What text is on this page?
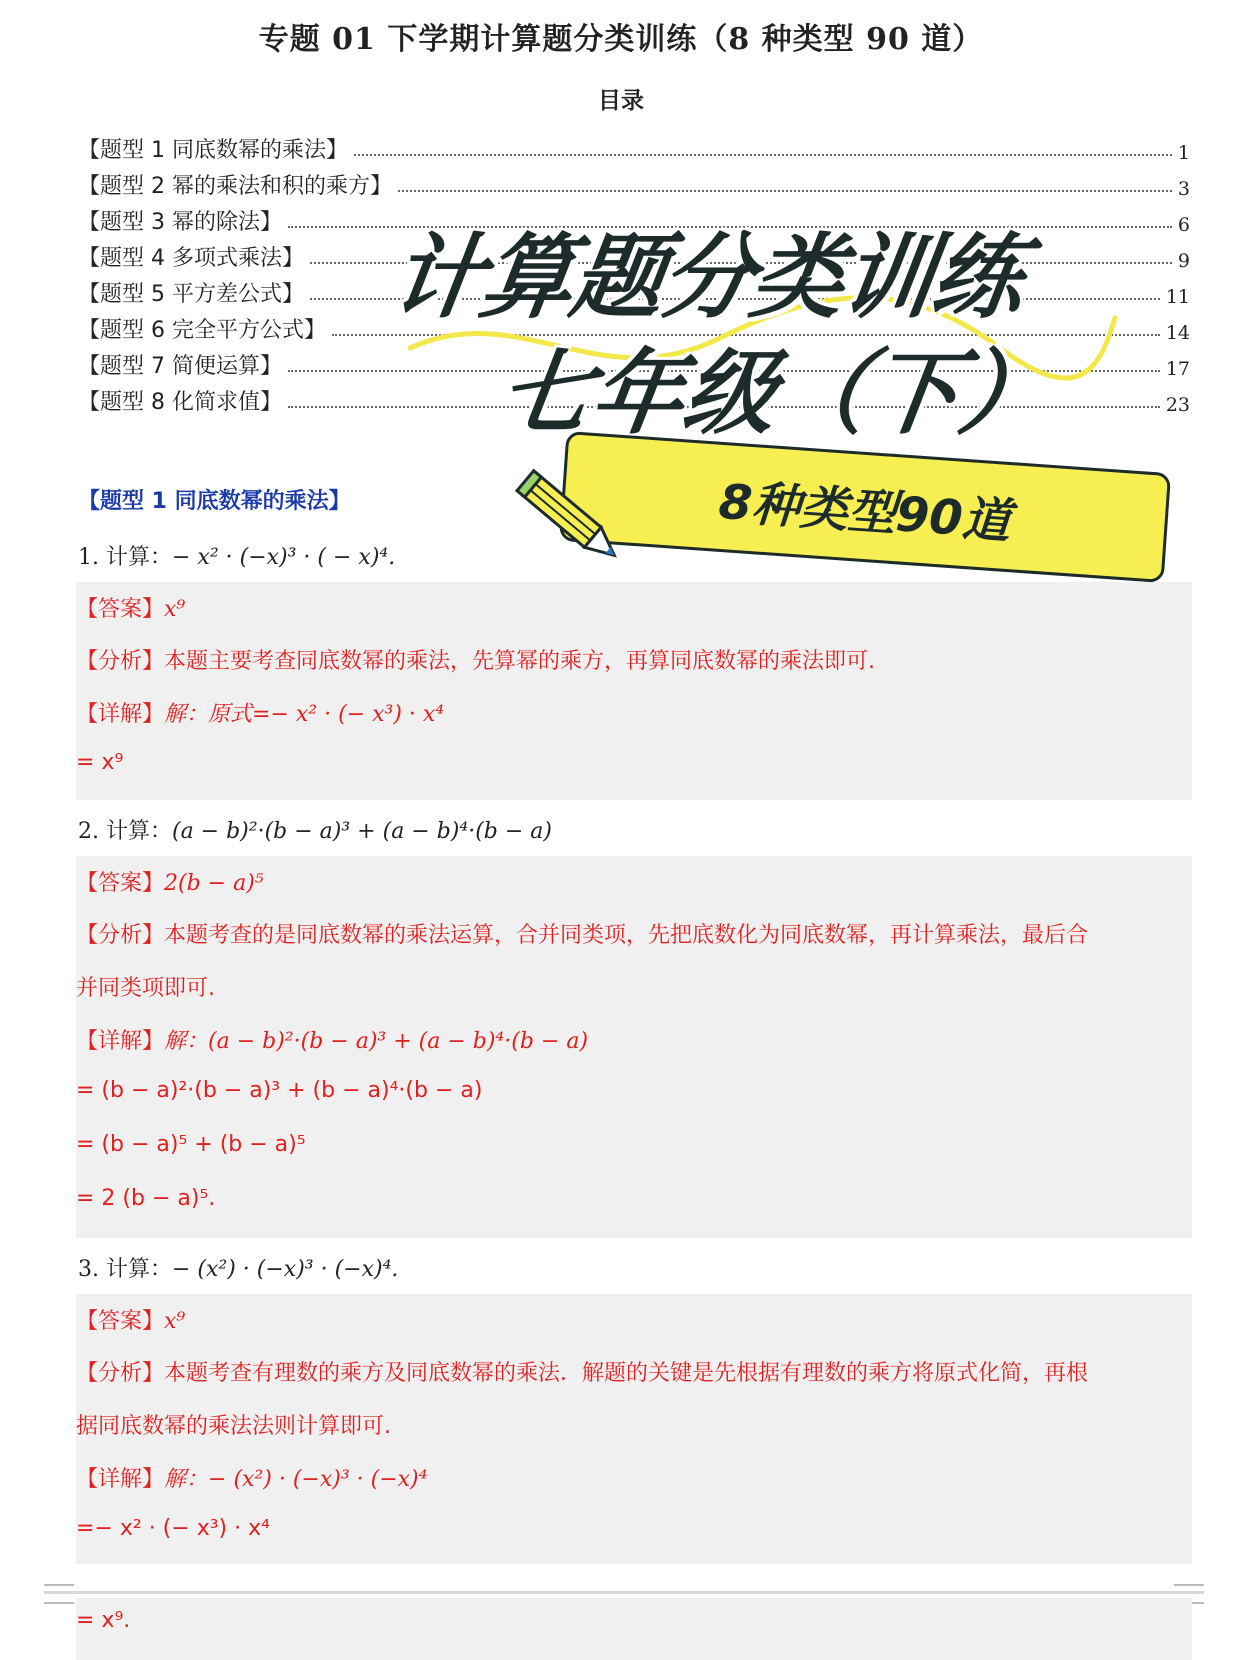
专题 01 下学期计算题分类训练（8 种类型 90 道）
目录
【题型 1 同底数幂的乘法】	1
【题型 2 幂的乘法和积的乘方】	3
【题型 3 幂的除法】	6
【题型 4 多项式乘法】	9
【题型 5 平方差公式】	11
【题型 6 完全平方公式】	14
【题型 7 简便运算】	17
【题型 8 化简求值】	23
【题型 1 同底数幂的乘法】
1. 计算：− x² · (−x)³ · ( − x)⁴.
【答案】x⁹
【分析】本题主要考查同底数幂的乘法，先算幂的乘方，再算同底数幂的乘法即可.
【详解】解：原式=− x² · (− x³) · x⁴
= x⁹
2. 计算：(a − b)²·(b − a)³ + (a − b)⁴·(b − a)
【答案】2(b − a)⁵
【分析】本题考查的是同底数幂的乘法运算，合并同类项，先把底数化为同底数幂，再计算乘法，最后合
并同类项即可.
【详解】解：(a − b)²·(b − a)³ + (a − b)⁴·(b − a)
= (b − a)²·(b − a)³ + (b − a)⁴·(b − a)
= (b − a)⁵ + (b − a)⁵
= 2 (b − a)⁵.
3. 计算：− (x²) · (−x)³ · (−x)⁴.
【答案】x⁹
【分析】本题考查有理数的乘方及同底数幂的乘法．解题的关键是先根据有理数的乘方将原式化简，再根
据同底数幂的乘法法则计算即可.
【详解】解：− (x²) · (−x)³ · (−x)⁴
=− x² · (− x³) · x⁴
= x⁹.
计算题分类训练
七年级（下）
8种类型90道
